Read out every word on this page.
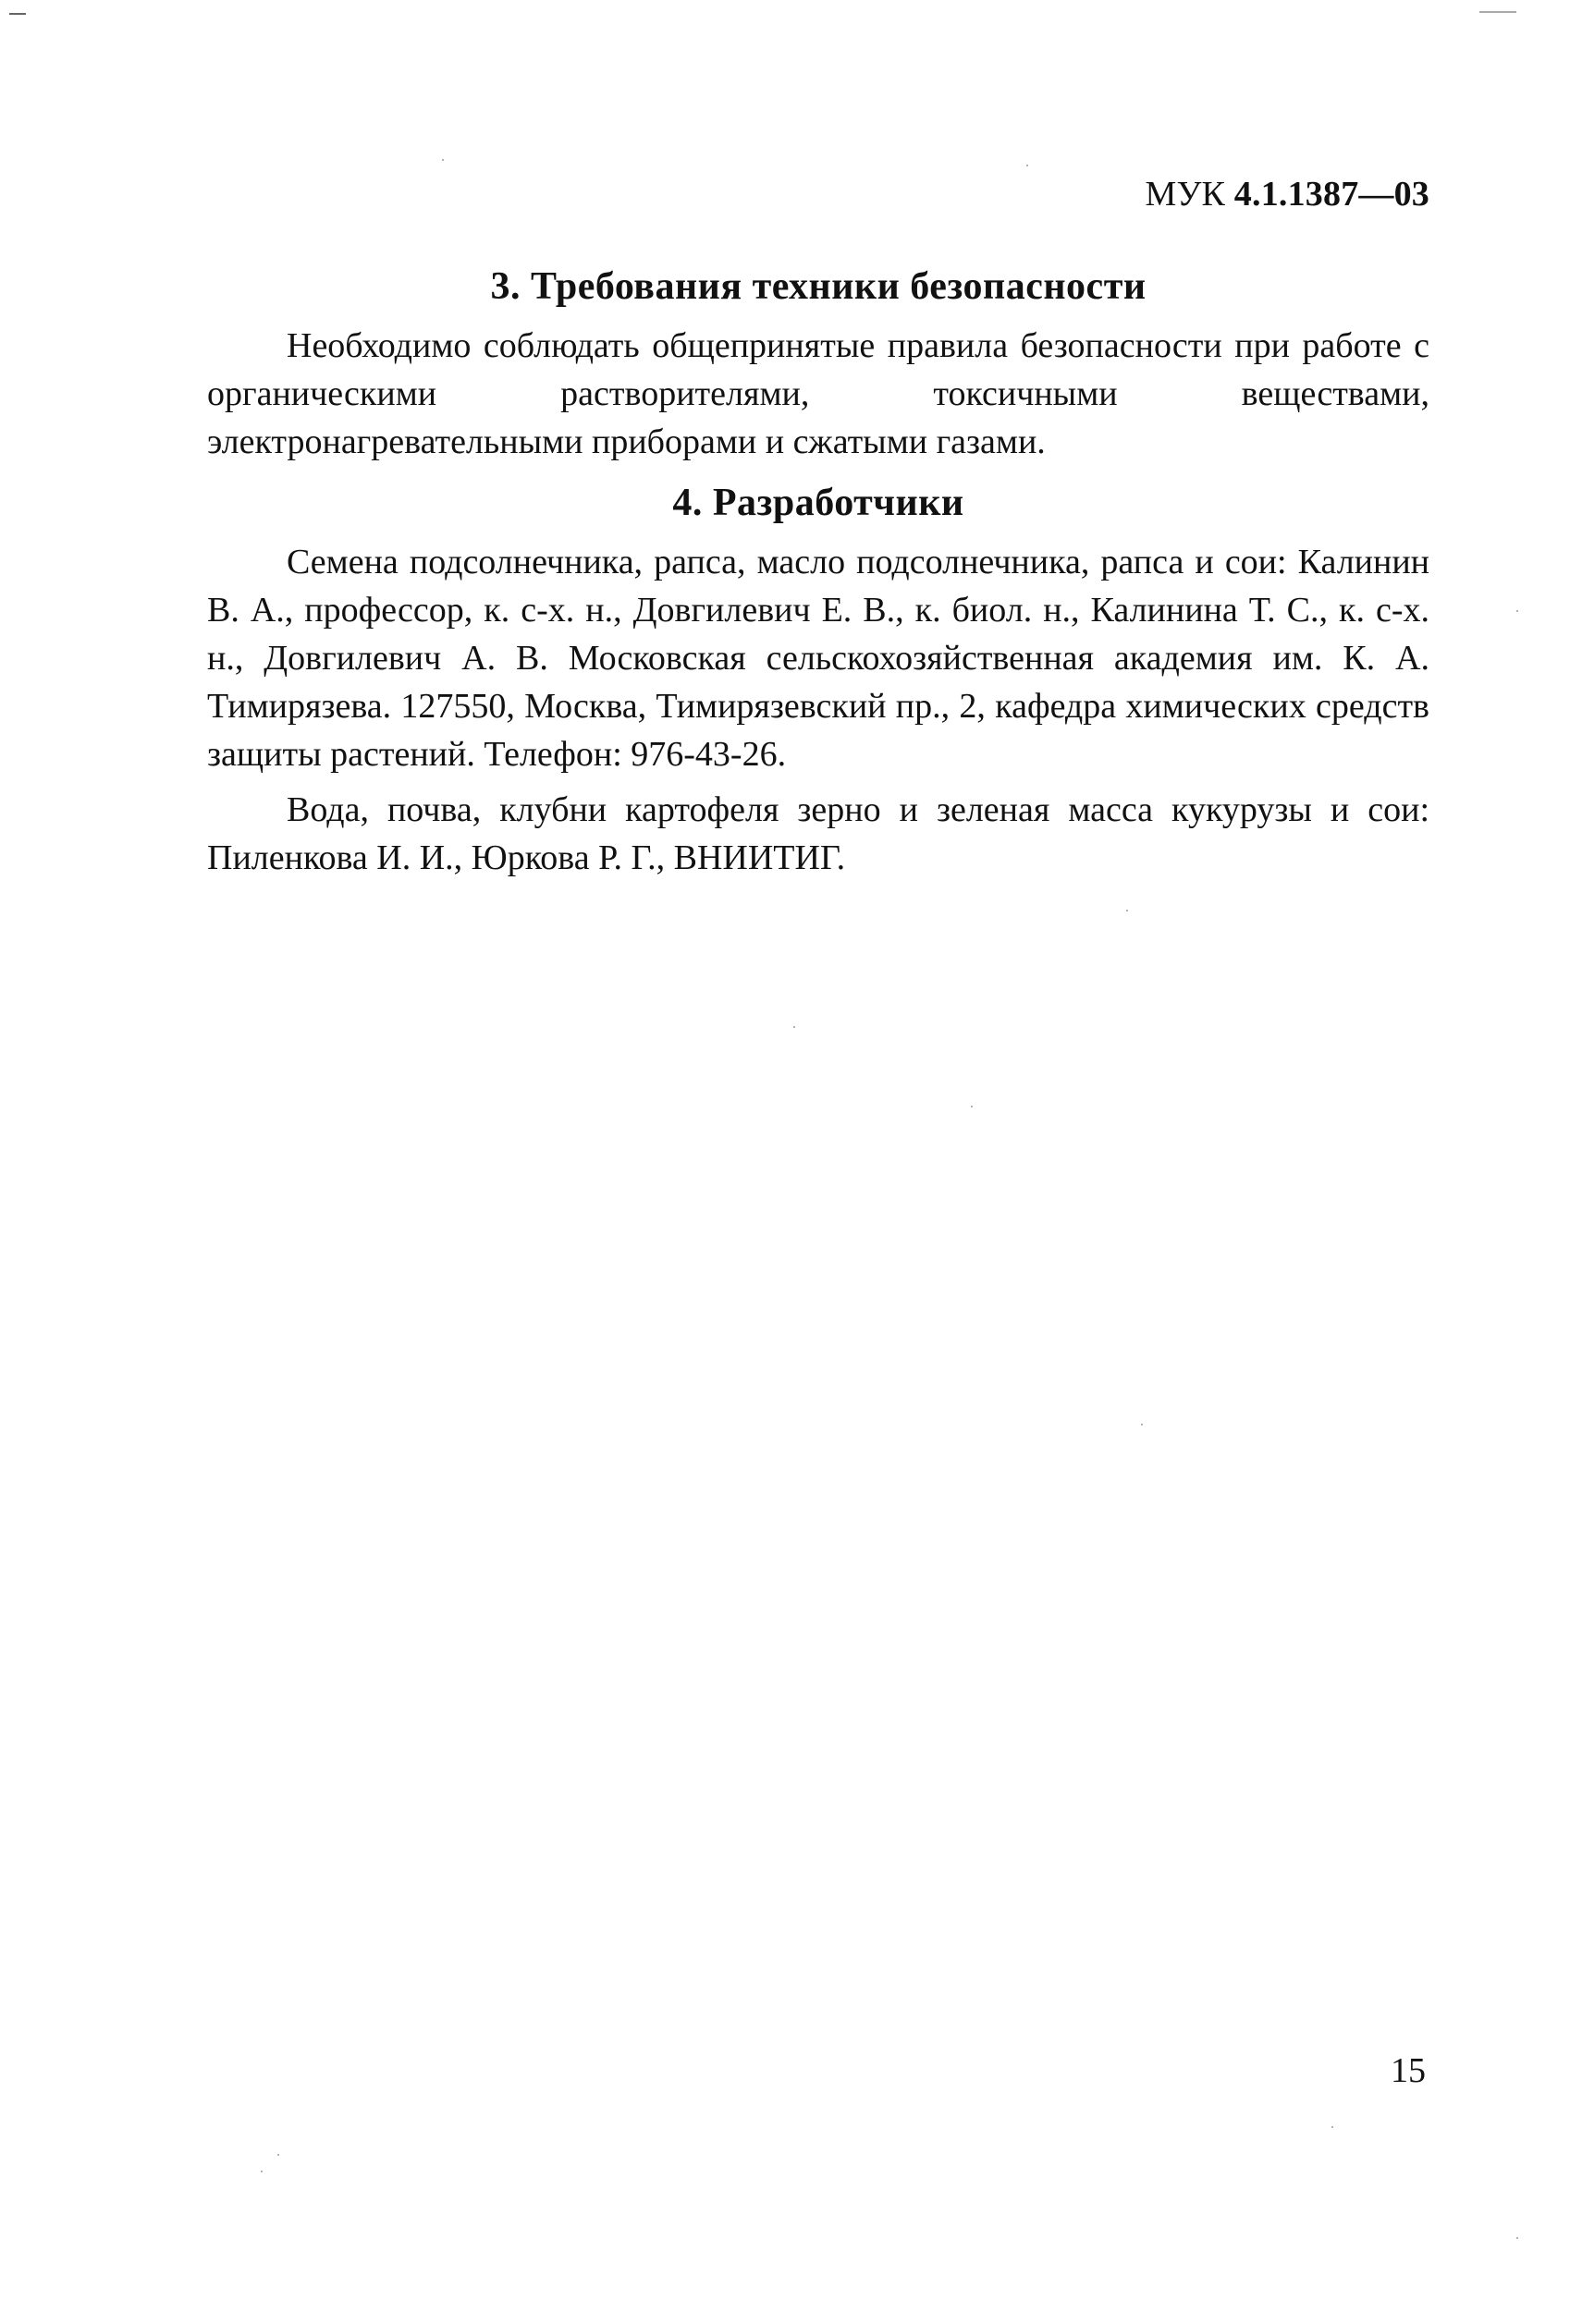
МУК 4.1.1387—03
3. Требования техники безопасности

Необходимо соблюдать общепринятые правила безопасности при работе с органическими растворителями, токсичными веществами, электронагревательными приборами и сжатыми газами.

4. Разработчики

Семена подсолнечника, рапса, масло подсолнечника, рапса и сои: Калинин В. А., профессор, к. с-х. н., Довгилевич Е. В., к. биол. н., Калинина Т. С., к. с-х. н., Довгилевич А. В. Московская сельскохозяйственная академия им. К. А. Тимирязева. 127550, Москва, Тимирязевский пр., 2, кафедра химических средств защиты растений. Телефон: 976-43-26.

Вода, почва, клубни картофеля зерно и зеленая масса кукурузы и сои: Пиленкова И. И., Юркова Р. Г., ВНИИТИГ.

15
